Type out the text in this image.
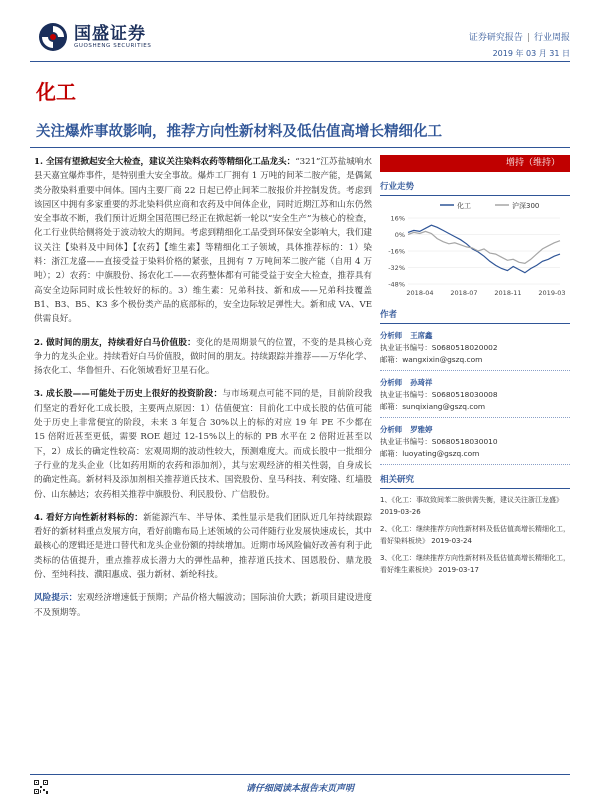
国盛证券
GUOSHENG SECURITIES
证券研究报告 | 行业周报
2019 年 03 月 31 日
化工
关注爆炸事故影响，推荐方向性新材料及低估值高增长精细化工
1. 全国有望掀起安全大检查，建议关注染料农药等精细化工品龙头：“321”江苏盐城响水县天嘉宜爆炸事件，是特别重大安全事故。爆炸工厂拥有 1 万吨的间苯二胺产能，是偶氮类分散染料重要中间体。国内主要厂商 22 日起已停止间苯二胺报价并控制发货。考虑到该园区中拥有多家重要的苏北染料供应商和农药及中间体企业，同时近期江苏和山东仍然安全事故不断，我们预计近期全国范围已经正在掀起新一轮以“安全生产”为核心的检查，化工行业供给侧将处于波动较大的期间。考虑到精细化工品受到环保安全影响大，我们建议关注【染料及中间体】【农药】【维生素】等精细化工子领域，具体推荐标的：1）染料：浙江龙盛——直接受益于染料价格的紧张，且拥有 7 万吨间苯二胺产能（自用 4 万吨）；2）农药：中旗股份、扬农化工——农药整体都有可能受益于安全大检查，推荐具有高安全边际同时成长性较好的标的。3）维生素：兄弟科技、新和成——兄弟科技覆盖 B1、B3、B5、K3 多个极份类产品的底部标的，安全边际较足弹性大。新和成 VA、VE 供需良好。
2. 做时间的朋友，持续看好白马价值股：变化的是周期景气的位置，不变的是具核心竞争力的龙头企业。持续看好白马价值股，做时间的朋友。持续跟踪并推荐——万华化学、扬农化工、华鲁恒升、石化领域看好卫星石化。
3. 成长股——可能处于历史上很好的投资阶段：与市场观点可能不同的是，目前阶段我们坚定的看好化工成长股，主要两点原因：1）估值便宜：目前化工中成长股的估值可能处于历史上非常便宜的阶段，未来 3 年复合 30%以上的标的对应 19 年 PE 不少都在 15 倍附近甚至更低，需要 ROE 超过 12-15%以上的标的 PB 水平在 2 倍附近甚至以下，2）成长的确定性较高：宏观周期的波动性较大，预测难度大。而成长股中一批细分子行业的龙头企业（比如药用斯的农药和添加剂），其与宏观经济的相关性弱，自身成长的确定性高。新材料及添加剂相关推荐道氏技术、国瓷股份、皇马科技、利安隆、红墙股份、山东赫达；农药相关推荐中旗股份、利民股份、广信股份。
4. 看好方向性新材料标的：新能源汽车、半导体、柔性显示是我们团队近几年持续跟踪看好的新材料重点发展方向，看好前瞻布局上述领域的公司伴随行业发展快速成长，其中最核心的逻辑还是进口替代和龙头企业份额的持续增加。近期市场风险偏好改善有利于此类标的估值提升，重点推荐成长潜力大的弹性品种，推荐道氏技术、国恩股份、鼎龙股份、至纯科技、濮阳惠成、强力新材、新纶科技。
风险提示：宏观经济增速低于预期；产品价格大幅波动；国际油价大跌；新项目建设进度不及预期等。
增持（维持）
行业走势
化工	沪深300
16%
0%
-16%
-32%
-48%
2018-04	2018-07	2018-11	2019-03
作者
分析师 王席鑫
执业证书编号：S0680518020002
邮箱：wangxixin@gszq.com
分析师 孙琦祥
执业证书编号：S0680518030008
邮箱：sunqixiang@gszq.com
分析师 罗雅婷
执业证书编号：S0680518030010
邮箱：luoyating@gszq.com
相关研究
1、《化工：事故致间苯二胺供需失衡，建议关注浙江龙盛》 2019-03-26
2、《化工：继续推荐方向性新材料及低估值高增长精细化工，看好染料板块》 2019-03-24
3、《化工：继续推荐方向性新材料及低估值高增长精细化工，看好维生素板块》 2019-03-17
请仔细阅读本报告末页声明
